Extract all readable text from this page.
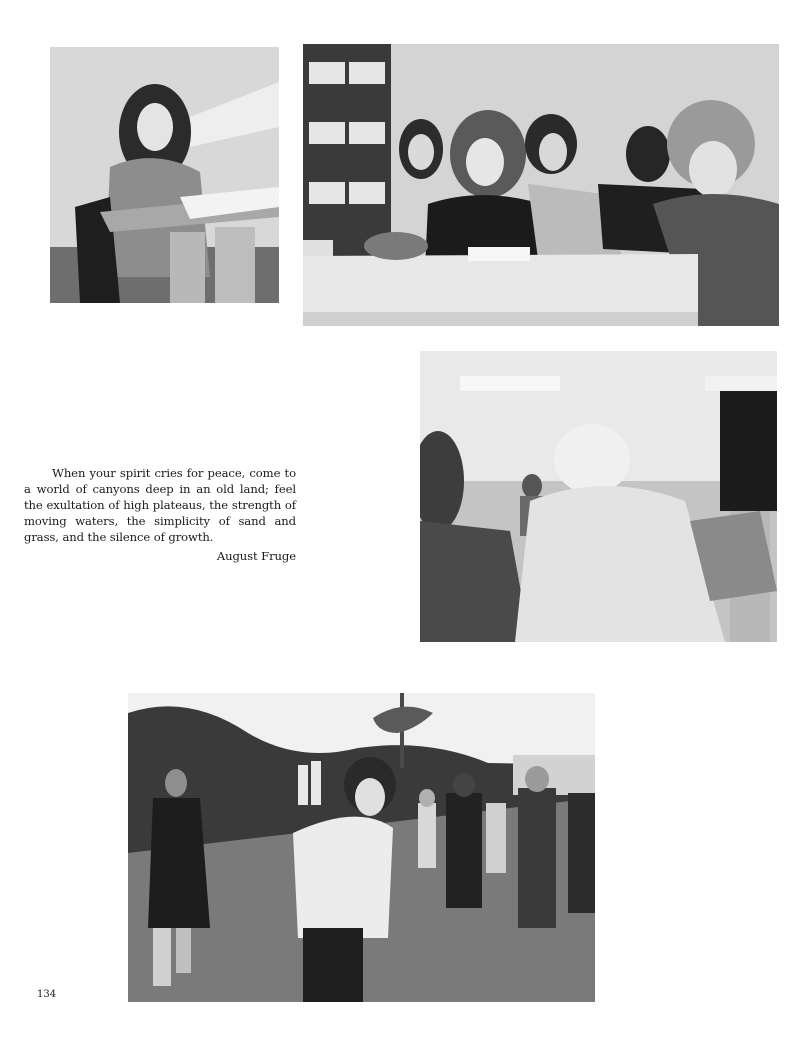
When your spirit cries for peace, come to a world of canyons deep in an old land; feel the exultation of high plateaus, the strength of moving waters, the simplicity of sand and grass, and the silence of growth.

August Fruge

134
